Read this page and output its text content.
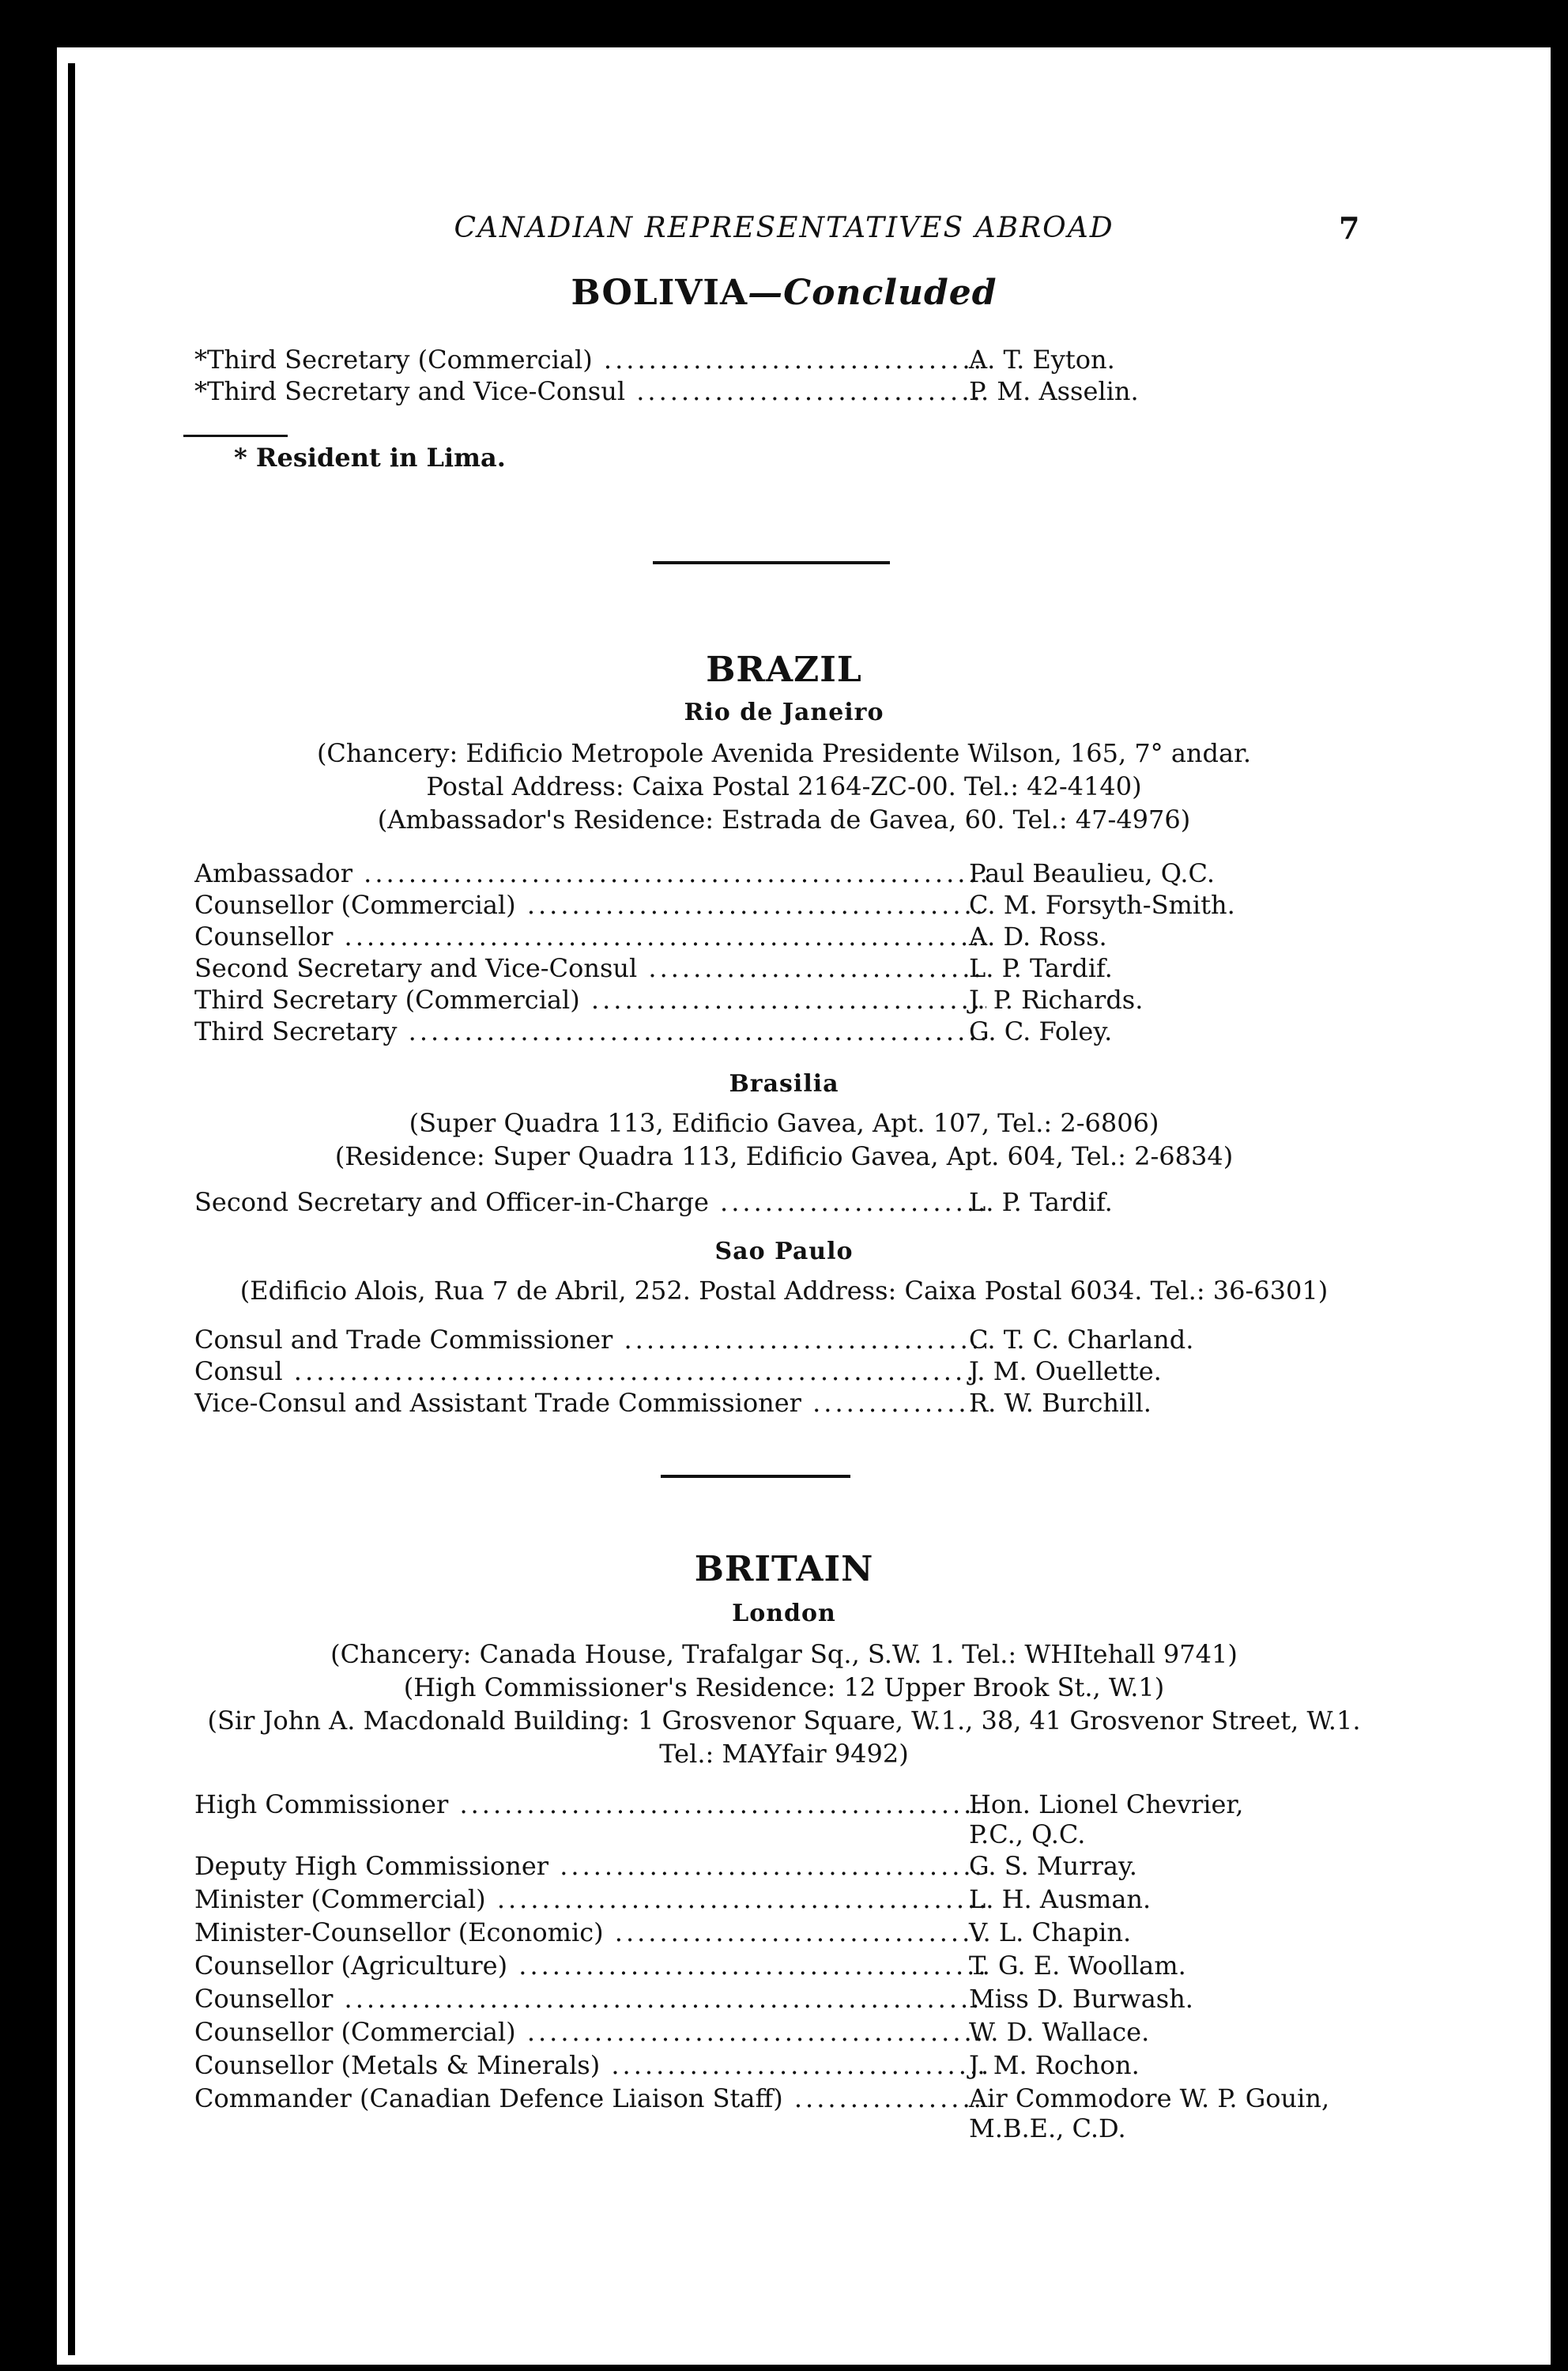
CANADIAN REPRESENTATIVES ABROAD	7
BOLIVIA—Concluded
*Third Secretary (Commercial) .....	A. T. Eyton.
*Third Secretary and Vice-Consul .....	P. M. Asselin.
* Resident in Lima.
BRAZIL
Rio de Janeiro
(Chancery: Edificio Metropole Avenida Presidente Wilson, 165, 7° andar.
Postal Address: Caixa Postal 2164-ZC-00. Tel.: 42-4140)
(Ambassador's Residence: Estrada de Gavea, 60. Tel.: 47-4976)
Ambassador .....	Paul Beaulieu, Q.C.
Counsellor (Commercial) .....	C. M. Forsyth-Smith.
Counsellor .....	A. D. Ross.
Second Secretary and Vice-Consul .....	L. P. Tardif.
Third Secretary (Commercial) .....	J. P. Richards.
Third Secretary .....	G. C. Foley.
Brasilia
(Super Quadra 113, Edificio Gavea, Apt. 107, Tel.: 2-6806)
(Residence: Super Quadra 113, Edificio Gavea, Apt. 604, Tel.: 2-6834)
Second Secretary and Officer-in-Charge .....	L. P. Tardif.
Sao Paulo
(Edificio Alois, Rua 7 de Abril, 252. Postal Address: Caixa Postal 6034. Tel.: 36-6301)
Consul and Trade Commissioner .....	C. T. C. Charland.
Consul .....	J. M. Ouellette.
Vice-Consul and Assistant Trade Commissioner .....	R. W. Burchill.
BRITAIN
London
(Chancery: Canada House, Trafalgar Sq., S.W. 1. Tel.: WHItehall 9741)
(High Commissioner's Residence: 12 Upper Brook St., W.1)
(Sir John A. Macdonald Building: 1 Grosvenor Square, W.1., 38, 41 Grosvenor Street, W.1.
Tel.: MAYfair 9492)
High Commissioner .....	Hon. Lionel Chevrier,
P.C., Q.C.
Deputy High Commissioner .....	G. S. Murray.
Minister (Commercial) .....	L. H. Ausman.
Minister-Counsellor (Economic) .....	V. L. Chapin.
Counsellor (Agriculture) .....	T. G. E. Woollam.
Counsellor .....	Miss D. Burwash.
Counsellor (Commercial) .....	W. D. Wallace.
Counsellor (Metals & Minerals) .....	J. M. Rochon.
Commander (Canadian Defence Liaison Staff) .....	Air Commodore W. P. Gouin,
M.B.E., C.D.
